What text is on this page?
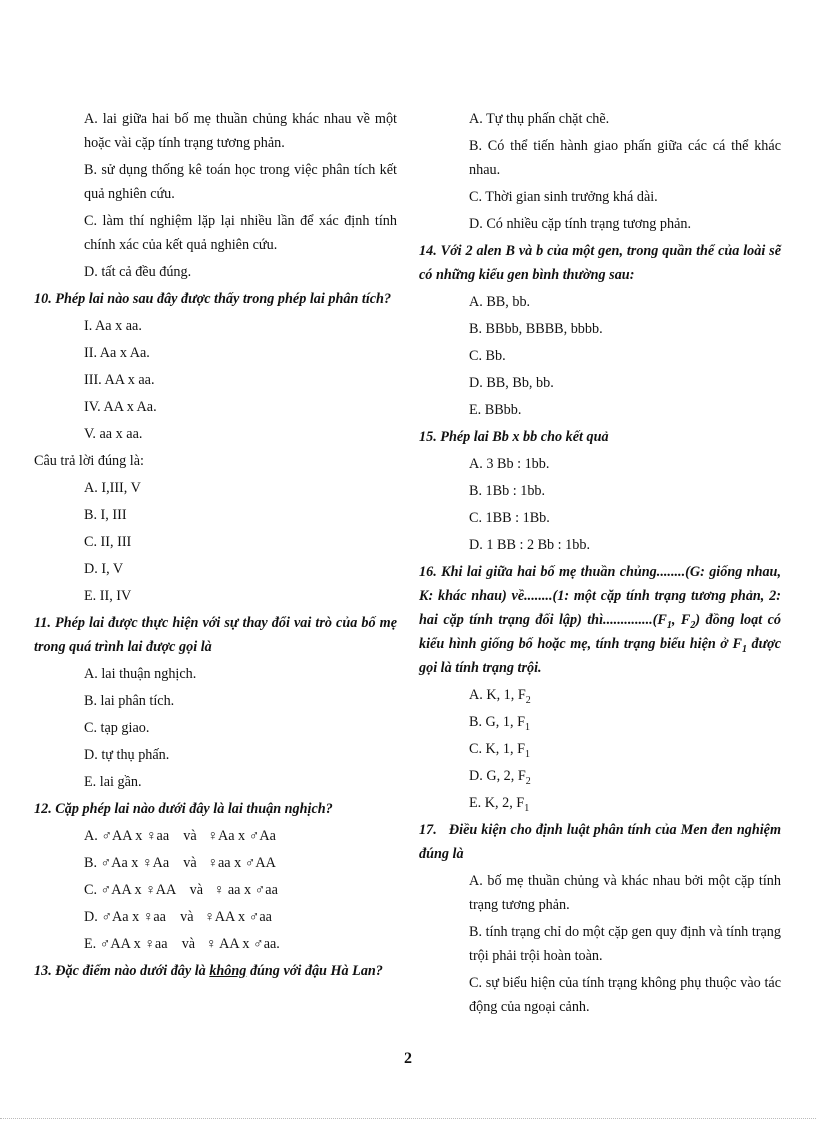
A. lai giữa hai bố mẹ thuần chủng khác nhau về một hoặc vài cặp tính trạng tương phản.
B. sử dụng thống kê toán học trong việc phân tích kết quả nghiên cứu.
C. làm thí nghiệm lặp lại nhiều lần để xác định tính chính xác của kết quả nghiên cứu.
D. tất cả đều đúng.
10. Phép lai nào sau đây được thấy trong phép lai phân tích?
I. Aa x aa.
II. Aa x Aa.
III. AA x aa.
IV. AA x Aa.
V. aa x aa.
Câu trả lời đúng là:
A. I,III, V
B. I, III
C. II, III
D. I, V
E. II, IV
11. Phép lai được thực hiện với sự thay đổi vai trò của bố mẹ trong quá trình lai được gọi là
A. lai thuận nghịch.
B. lai phân tích.
C. tạp giao.
D. tự thụ phấn.
E. lai gần.
12. Cặp phép lai nào dưới đây là lai thuận nghịch?
A. ♂AA x ♀aa    và   ♀Aa x ♂Aa
B. ♂Aa x ♀Aa    và   ♀aa x ♂AA
C. ♂AA x ♀AA    và   ♀ aa x ♂aa
D. ♂Aa x ♀aa    và   ♀AA x ♂aa
E. ♂AA x ♀aa    và   ♀ AA x ♂aa.
13. Đặc điểm nào dưới đây là không đúng với đậu Hà Lan?
A. Tự thụ phấn chặt chẽ.
B. Có thể tiến hành giao phấn giữa các cá thể khác nhau.
C. Thời gian sinh trưởng khá dài.
D. Có nhiều cặp tính trạng tương phản.
14. Với 2 alen B và b của một gen, trong quần thể của loài sẽ có những kiểu gen bình thường sau:
A. BB, bb.
B. BBbb, BBBB, bbbb.
C. Bb.
D. BB, Bb, bb.
E. BBbb.
15. Phép lai Bb x bb cho kết quả
A. 3 Bb : 1bb.
B. 1Bb : 1bb.
C. 1BB : 1Bb.
D. 1 BB : 2 Bb : 1bb.
16. Khi lai giữa hai bố mẹ thuần chủng........(G: giống nhau, K: khác nhau) về........(1: một cặp tính trạng tương phản, 2: hai cặp tính trạng đối lập) $thì..............(F_1$, $F_2$) đồng loạt có kiểu hình giống bố hoặc mẹ, tính trạng biểu hiện ở $F_1$ được gọi là tính trạng trội.
A. K, 1, $F_2$
B. G, 1, $F_1$
C. K, 1, $F_1$
D. G, 2, $F_2$
E. K, 2, $F_1$
17. Điều kiện cho định luật phân tính của Men đen nghiệm đúng là
A. bố mẹ thuần chủng và khác nhau bởi một cặp tính trạng tương phản.
B. tính trạng chỉ do một cặp gen quy định và tính trạng trội phải trội hoàn toàn.
C. sự biểu hiện của tính trạng không phụ thuộc vào tác động của ngoại cảnh.
2
